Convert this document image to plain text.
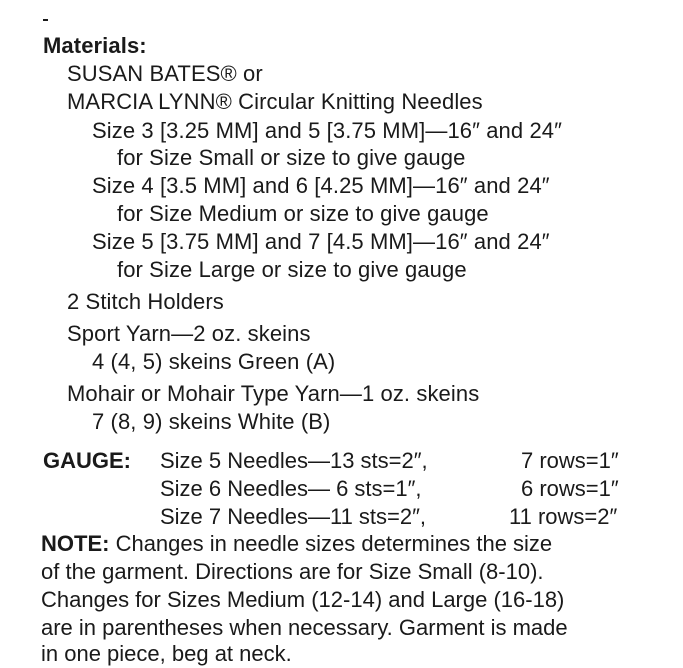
Materials:
SUSAN BATES® or
MARCIA LYNN® Circular Knitting Needles
Size 3 [3.25 MM] and 5 [3.75 MM]—16″ and 24″
for Size Small or size to give gauge
Size 4 [3.5 MM] and 6 [4.25 MM]—16″ and 24″
for Size Medium or size to give gauge
Size 5 [3.75 MM] and 7 [4.5 MM]—16″ and 24″
for Size Large or size to give gauge
2 Stitch Holders
Sport Yarn—2 oz. skeins
4 (4, 5) skeins Green (A)
Mohair or Mohair Type Yarn—1 oz. skeins
7 (8, 9) skeins White (B)
GAUGE: Size 5 Needles—13 sts=2″,	7 rows=1″
Size 6 Needles— 6 sts=1″,	6 rows=1″
Size 7 Needles—11 sts=2″,	11 rows=2″
NOTE: Changes in needle sizes determines the size
of the garment. Directions are for Size Small (8-10).
Changes for Sizes Medium (12-14) and Large (16-18)
are in parentheses when necessary. Garment is made
in one piece, beg at neck.
